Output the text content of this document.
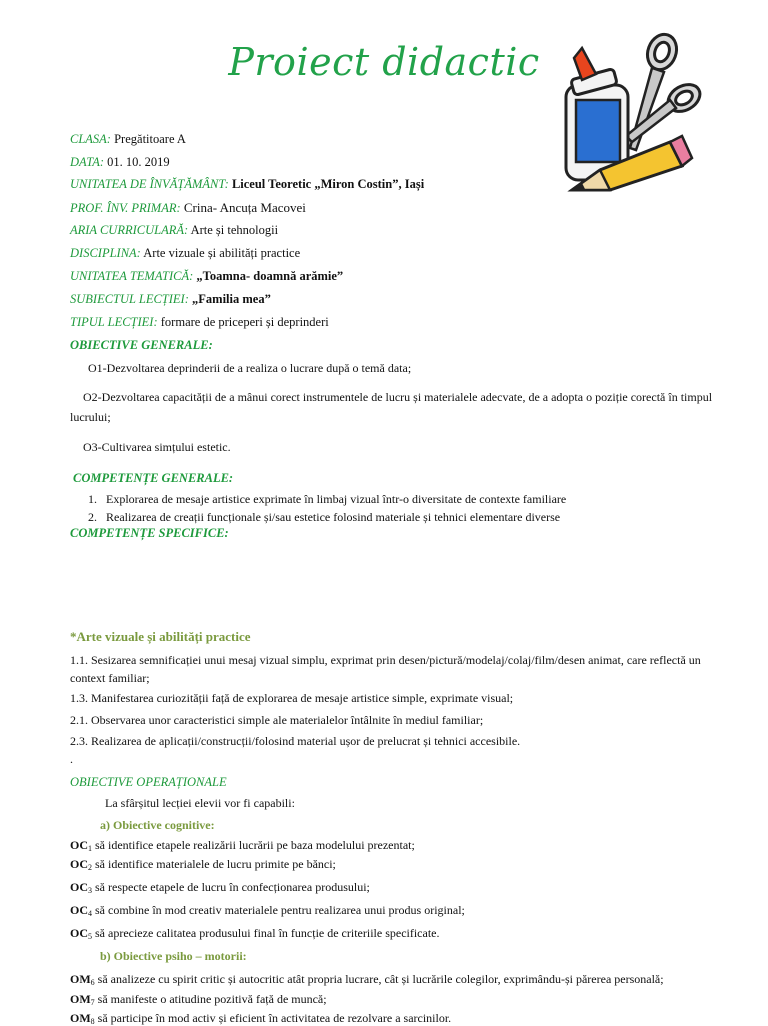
Proiect didactic
CLASA: Pregătitoare A
DATA: 01. 10. 2019
UNITATEA DE ÎNVĂȚĂMÂNT: Liceul Teoretic „Miron Costin”, Iași
PROF. ÎNV. PRIMAR: Crina- Ancuța Macovei
ARIA CURRICULARĂ: Arte și tehnologii
DISCIPLINA: Arte vizuale și abilități practice
UNITATEA TEMATICĂ: „Toamna- doamnă arămie”
SUBIECTUL LECȚIEI: „Familia mea”
TIPUL LECȚIEI: formare de priceperi și deprinderi
OBIECTIVE GENERALE:
O1-Dezvoltarea deprinderii de a realiza o lucrare după o temă data;
O2-Dezvoltarea capacității de a mânui corect instrumentele de lucru și materialele adecvate, de a adopta o poziție corectă în timpul
lucrului;
O3-Cultivarea simțului estetic.
COMPETENȚE GENERALE:
1. Explorarea de mesaje artistice exprimate în limbaj vizual într-o diversitate de contexte familiare
2. Realizarea de creații funcționale și/sau estetice folosind materiale și tehnici elementare diverse
COMPETENȚE SPECIFICE:
*Arte vizuale și abilități practice
1.1. Sesizarea semnificației unui mesaj vizual simplu, exprimat prin desen/pictură/modelaj/colaj/film/desen animat, care reflectă un
context familiar;
1.3. Manifestarea curiozității față de explorarea de mesaje artistice simple, exprimate visual;
2.1. Observarea unor caracteristici simple ale materialelor întâlnite în mediul familiar;
2.3. Realizarea de aplicații/construcții/folosind material ușor de prelucrat și tehnici accesibile.
.
OBIECTIVE OPERAȚIONALE
La sfârșitul lecției elevii vor fi capabili:
a) Obiective cognitive:
$OC_1$ să identifice etapele realizării lucrării pe baza modelului prezentat;
$OC_2$ să identifice materialele de lucru primite pe bănci;
$OC_3$ să respecte etapele de lucru în confecționarea produsului;
$OC_4$ să combine în mod creativ materialele pentru realizarea unui produs original;
$OC_5$ să aprecieze calitatea produsului final în funcție de criteriile specificate.
b) Obiective psiho – motorii:
$OM_6$ să analizeze cu spirit critic și autocritic atât propria lucrare, cât și lucrările colegilor, exprimându-și părerea personală;
$OM_7$ să manifeste o atitudine pozitivă față de muncă;
$OM_8$ să participe în mod activ și eficient în activitatea de rezolvare a sarcinilor.
